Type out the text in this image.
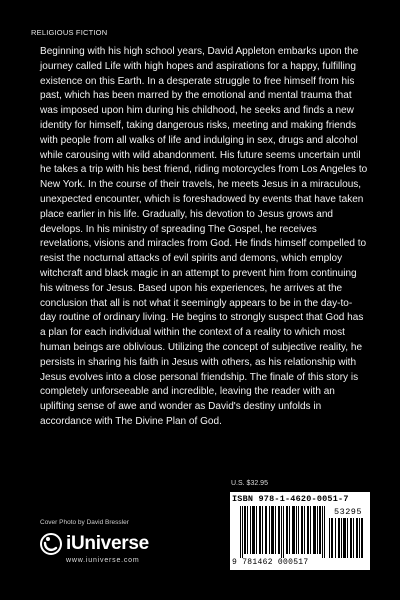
RELIGIOUS FICTION

Beginning with his high school years, David Appleton embarks upon the journey called Life with high hopes and aspirations for a happy, fulfilling existence on this Earth. In a desperate struggle to free himself from his past, which has been marred by the emotional and mental trauma that was imposed upon him during his childhood, he seeks and finds a new identity for himself, taking dangerous risks, meeting and making friends with people from all walks of life and indulging in sex, drugs and alcohol while carousing with wild abandonment. His future seems uncertain until he takes a trip with his best friend, riding motorcycles from Los Angeles to New York. In the course of their travels, he meets Jesus in a miraculous, unexpected encounter, which is foreshadowed by events that have taken place earlier in his life. Gradually, his devotion to Jesus grows and develops. In his ministry of spreading The Gospel, he receives revelations, visions and miracles from God. He finds himself compelled to resist the nocturnal attacks of evil spirits and demons, which employ witchcraft and black magic in an attempt to prevent him from continuing his witness for Jesus. Based upon his experiences, he arrives at the conclusion that all is not what it seemingly appears to be in the day-to-day routine of ordinary living. He begins to strongly suspect that God has a plan for each individual within the context of a reality to which most human beings are oblivious. Utilizing the concept of subjective reality, he persists in sharing his faith in Jesus with others, as his relationship with Jesus evolves into a close personal friendship. The finale of this story is completely unforseeable and incredible, leaving the reader with an uplifting sense of awe and wonder as David's destiny unfolds in accordance with The Divine Plan of God.

U.S. $32.95
ISBN 978-1-4620-0051-7
53295
9 781462 000517
Cover Photo by David Bressler
iUniverse
www.iuniverse.com
